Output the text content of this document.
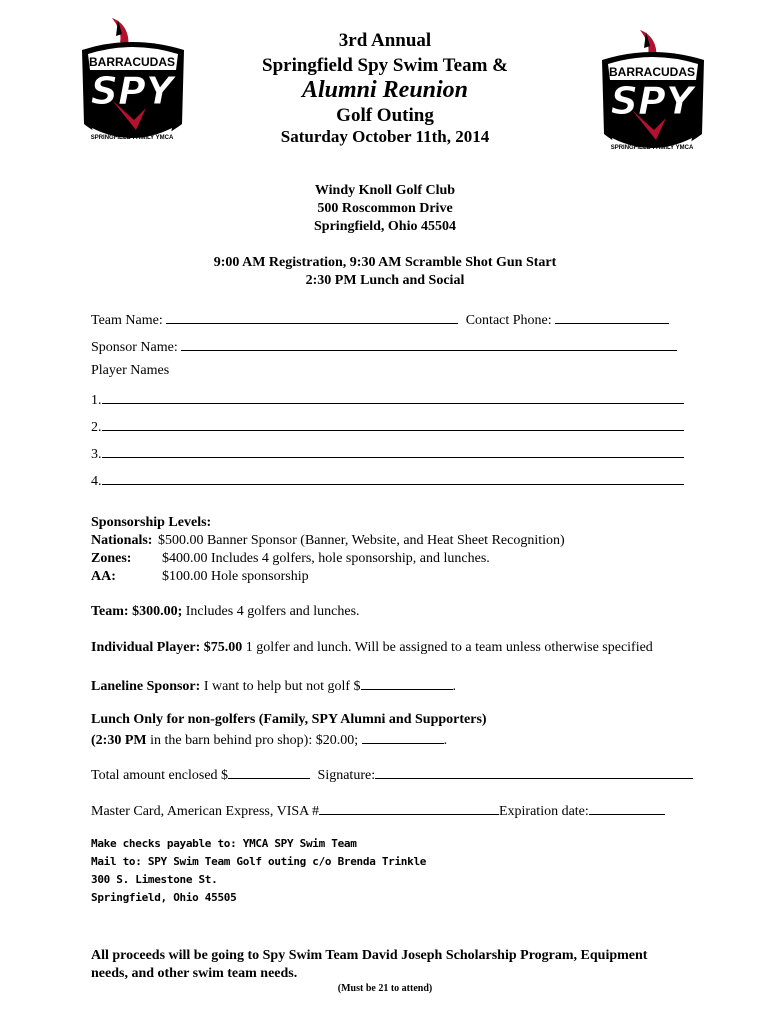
BARRACUDAS
SPY
SPRINGFIELD FAMILY YMCA
BARRACUDAS
SPY
SPRINGFIELD FAMILY YMCA
3rd Annual
Springfield Spy Swim Team &
Alumni Reunion
Golf Outing
Saturday October 11th, 2014
Windy Knoll Golf Club
500 Roscommon Drive
Springfield, Ohio 45504
9:00 AM Registration, 9:30 AM Scramble Shot Gun Start
2:30 PM Lunch and Social
Team Name:	Contact Phone:
Sponsor Name:
Player Names
1.
2.
3.
4.
Sponsorship Levels:
Nationals: $500.00 Banner Sponsor (Banner, Website, and Heat Sheet Recognition)
Zones: $400.00 Includes 4 golfers, hole sponsorship, and lunches.
AA:	$100.00 Hole sponsorship
Team: $300.00; Includes 4 golfers and lunches.
Individual Player: $75.00 1 golfer and lunch. Will be assigned to a team unless otherwise specified
Laneline Sponsor: I want to help but not golf $	.
Lunch Only for non-golfers (Family, SPY Alumni and Supporters)
(2:30 PM in the barn behind pro shop): $20.00;	.
Total amount enclosed $	Signature:
Master Card, American Express, VISA #	Expiration date:
Make checks payable to: YMCA SPY Swim Team
Mail to: SPY Swim Team Golf outing c/o Brenda Trinkle
300 S. Limestone St.
Springfield, Ohio 45505
All proceeds will be going to Spy Swim Team David Joseph Scholarship Program, Equipment
needs, and other swim team needs.
(Must be 21 to attend)
